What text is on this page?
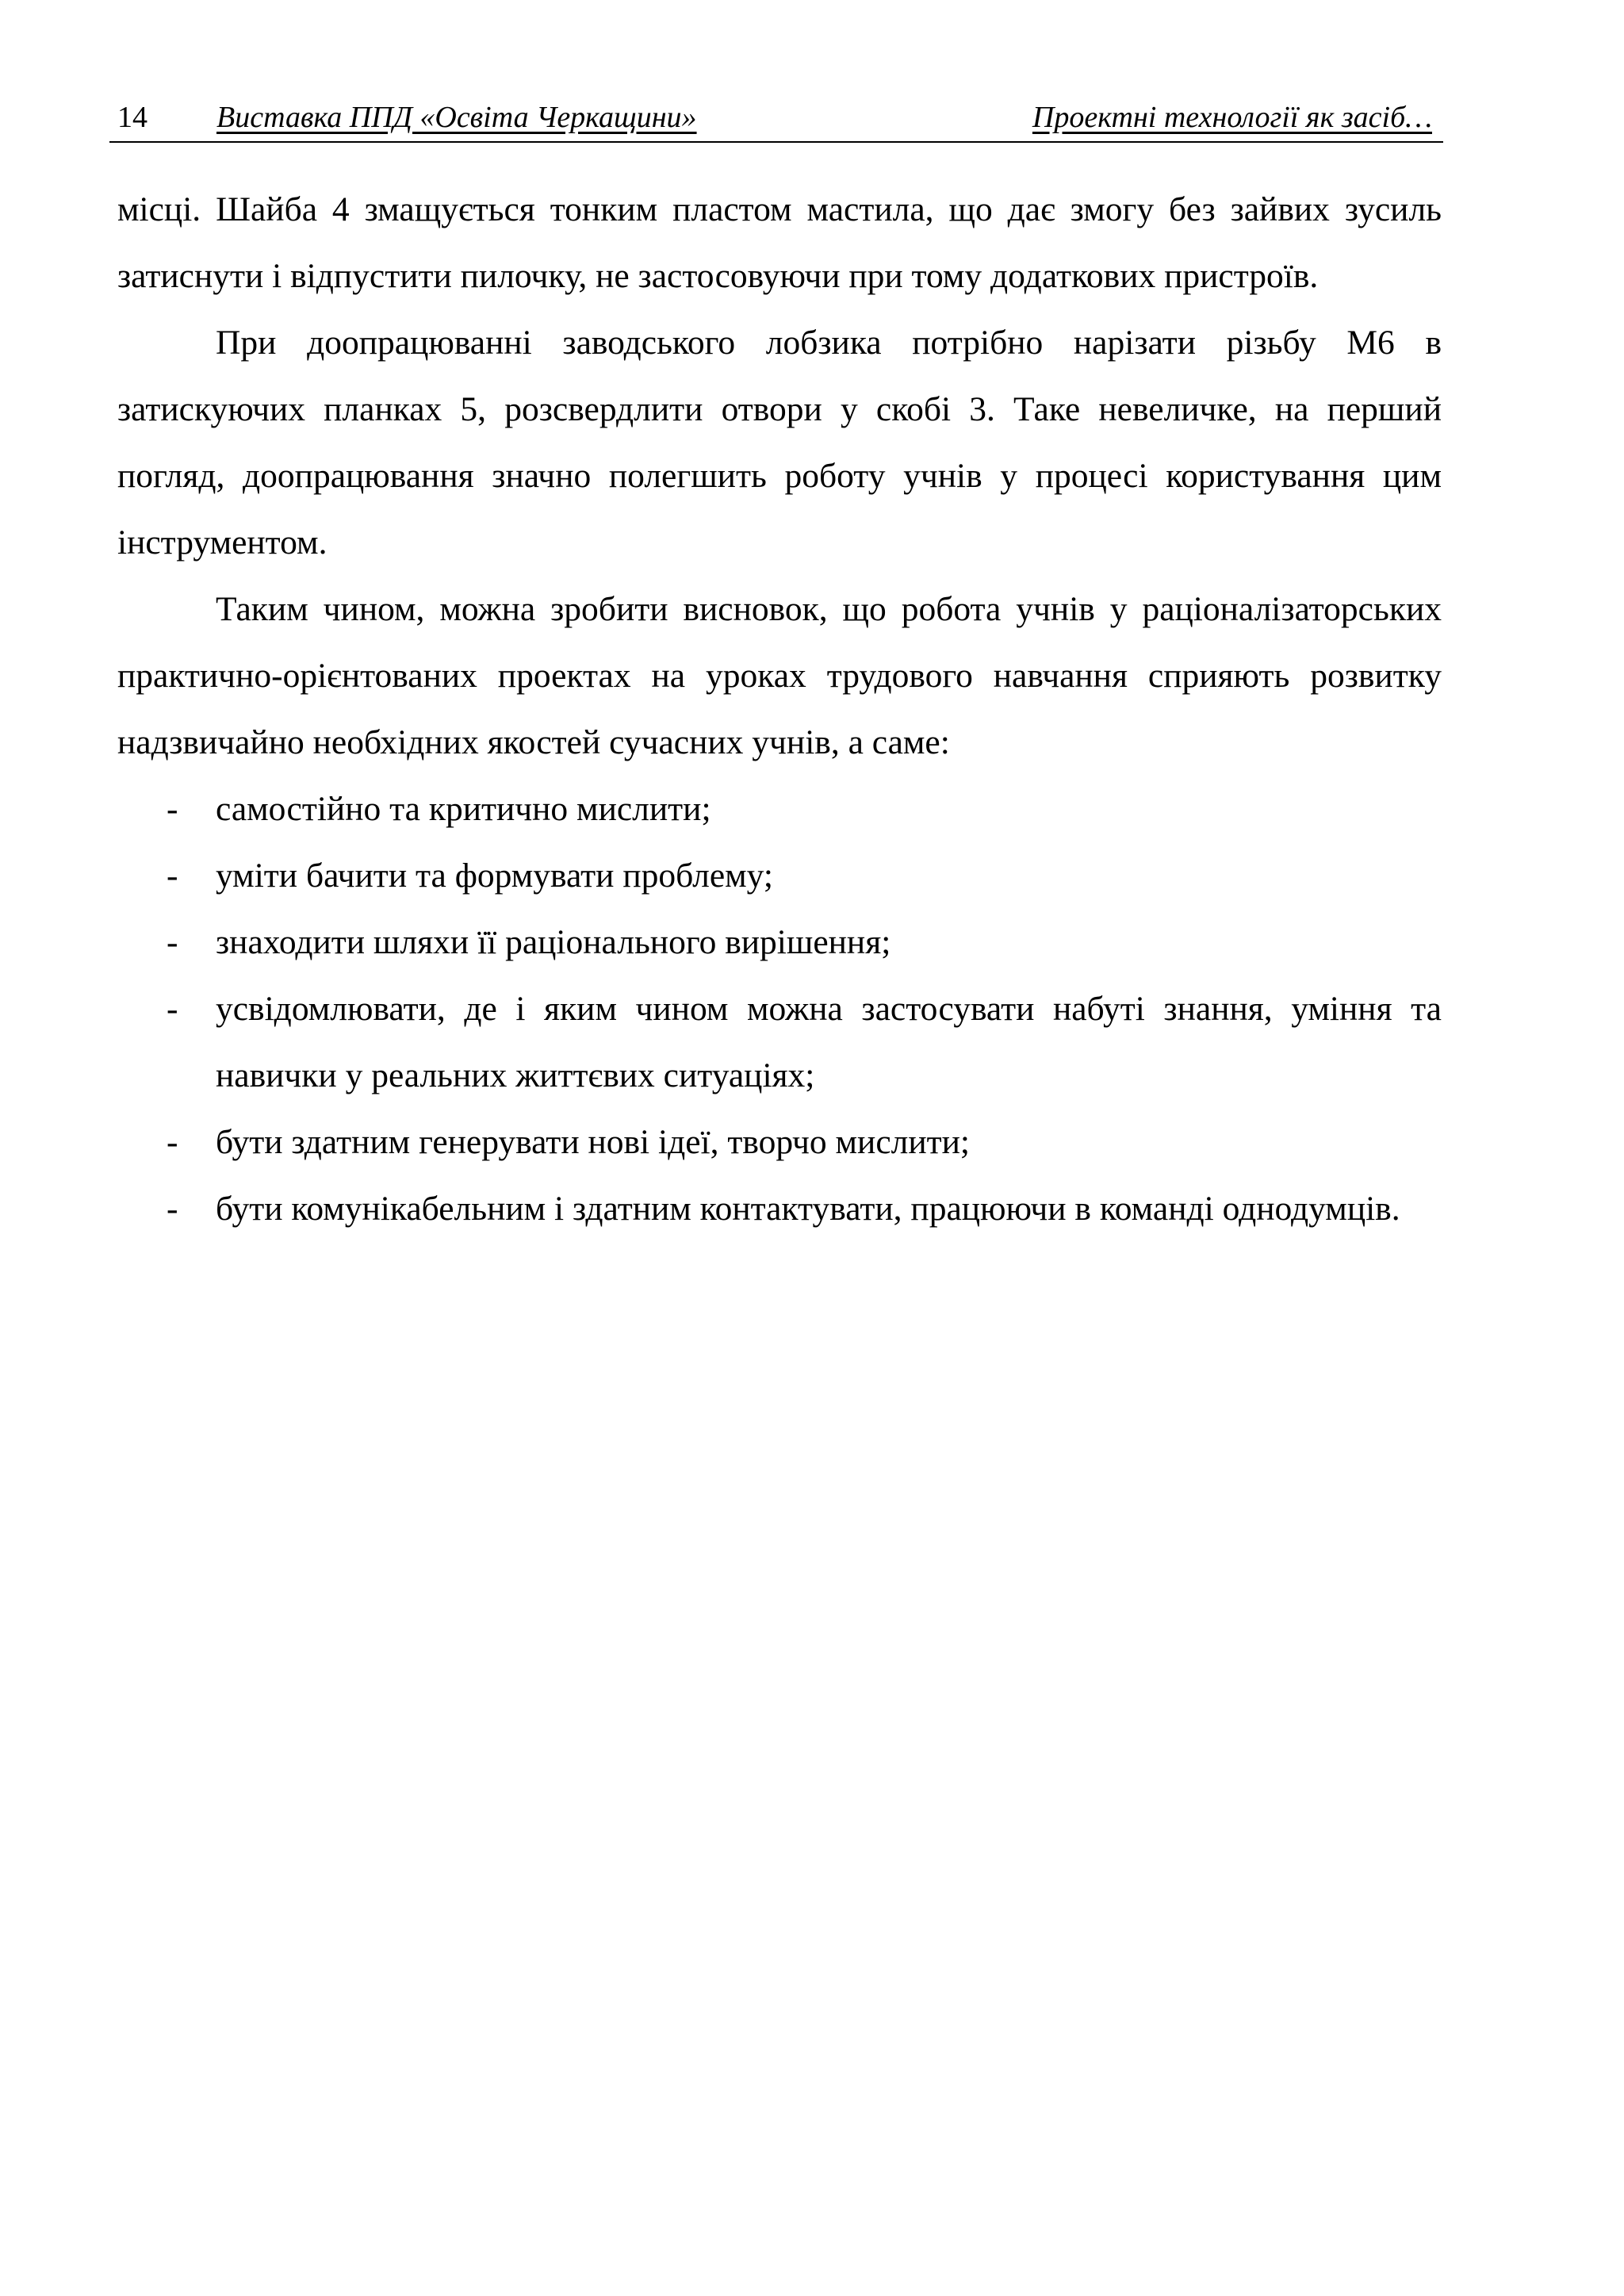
14 Виставка ППД «Освіта Черкащини»	Проектні технології як засіб…

місці. Шайба 4 змащується тонким пластом мастила, що дає змогу без зайвих зусиль затиснути і відпустити пилочку, не застосовуючи при тому додаткових пристроїв.

При доопрацюванні заводського лобзика потрібно нарізати різьбу М6 в затискуючих планках 5, розсвердлити отвори у скобі 3. Таке невеличке, на перший погляд, доопрацювання значно полегшить роботу учнів у процесі користування цим інструментом.

Таким чином, можна зробити висновок, що робота учнів у раціоналізаторських практично-орієнтованих проектах на уроках трудового навчання сприяють розвитку надзвичайно необхідних якостей сучасних учнів, а саме:

- самостійно та критично мислити;
- уміти бачити та формувати проблему;
- знаходити шляхи її раціонального вирішення;
- усвідомлювати, де і яким чином можна застосувати набуті знання, уміння та навички у реальних життєвих ситуаціях;
- бути здатним генерувати нові ідеї, творчо мислити;
- бути комунікабельним і здатним контактувати, працюючи в команді однодумців.
